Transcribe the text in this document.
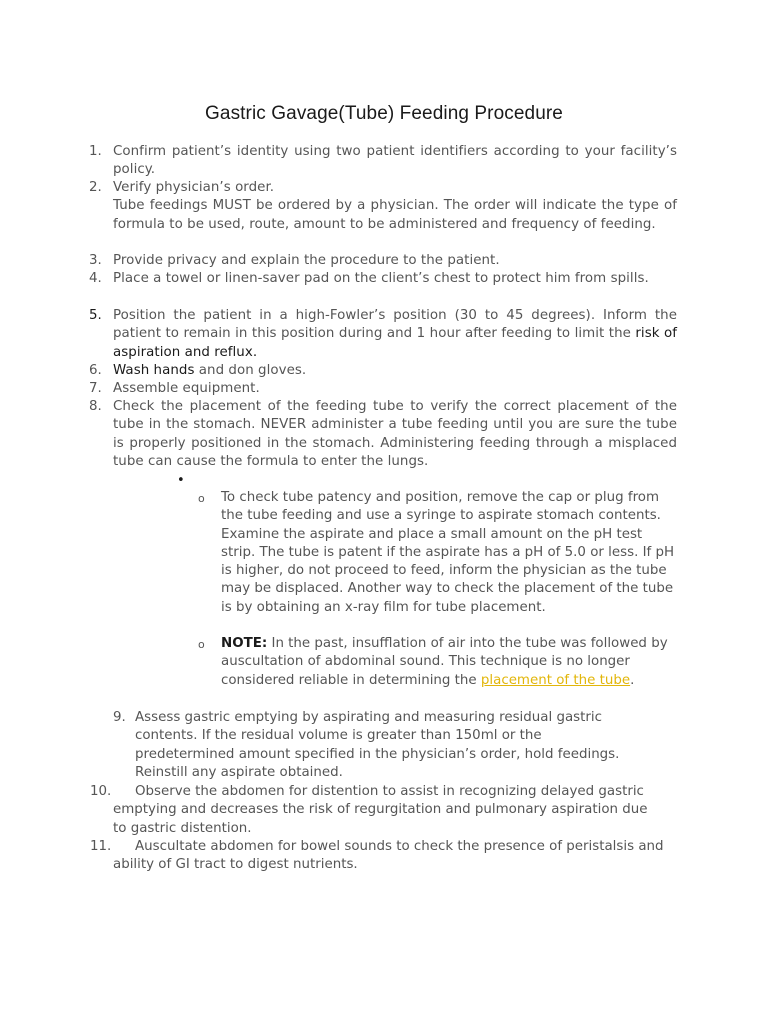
Gastric Gavage(Tube) Feeding Procedure
1. Confirm patient’s identity using two patient identifiers according to your facility’s policy.

2. Verify physician’s order.

Tube feedings MUST be ordered by a physician. The order will indicate the type of formula to be used, route, amount to be administered and frequency of feeding.

3. Provide privacy and explain the procedure to the patient.

4. Place a towel or linen-saver pad on the client’s chest to protect him from spills.

5. Position the patient in a high-Fowler’s position (30 to 45 degrees). Inform the patient to remain in this position during and 1 hour after feeding to limit the risk of aspiration and reflux.

6. Wash hands and don gloves.

7. Assemble equipment.

8. Check the placement of the feeding tube to verify the correct placement of the tube in the stomach. NEVER administer a tube feeding until you are sure the tube is properly positioned in the stomach. Administering feeding through a misplaced tube can cause the formula to enter the lungs.

•
o To check tube patency and position, remove the cap or plug from the tube feeding and use a syringe to aspirate stomach contents. Examine the aspirate and place a small amount on the pH test strip. The tube is patent if the aspirate has a pH of 5.0 or less. If pH is higher, do not proceed to feed, inform the physician as the tube may be displaced. Another way to check the placement of the tube is by obtaining an x-ray film for tube placement.

o NOTE: In the past, insufflation of air into the tube was followed by auscultation of abdominal sound. This technique is no longer considered reliable in determining the placement of the tube.

9. Assess gastric emptying by aspirating and measuring residual gastric contents. If the residual volume is greater than 150ml or the predetermined amount specified in the physician’s order, hold feedings. Reinstill any aspirate obtained.

10.	Observe the abdomen for distention to assist in recognizing delayed gastric emptying and decreases the risk of regurgitation and pulmonary aspiration due to gastric distention.

11.	Auscultate abdomen for bowel sounds to check the presence of peristalsis and ability of GI tract to digest nutrients.
